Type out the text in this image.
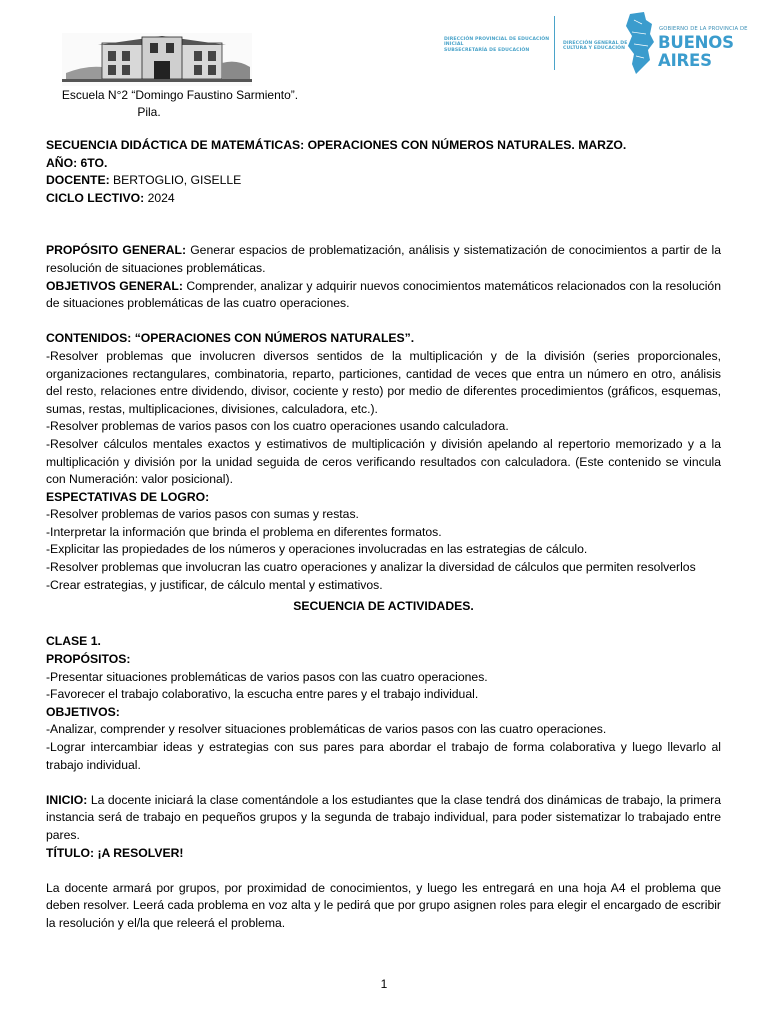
Escuela N°2 “Domingo Faustino Sarmiento”.
Pila.
DIRECCIÓN PROVINCIAL DE EDUCACIÓN INICIAL
SUBSECRETARÍA DE EDUCACIÓN
DIRECCIÓN GENERAL DE CULTURA Y EDUCACIÓN
GOBIERNO DE LA PROVINCIA DE
BUENOS AIRES

SECUENCIA DIDÁCTICA DE MATEMÁTICAS: OPERACIONES CON NÚMEROS NATURALES. MARZO.

AÑO: 6TO.

DOCENTE: BERTOGLIO, GISELLE

CICLO LECTIVO: 2024

PROPÓSITO GENERAL: Generar espacios de problematización, análisis y sistematización de conocimientos a partir de la resolución de situaciones problemáticas.

OBJETIVOS GENERAL: Comprender, analizar y adquirir nuevos conocimientos matemáticos relacionados con la resolución de situaciones problemáticas de las cuatro operaciones.

CONTENIDOS: “OPERACIONES CON NÚMEROS NATURALES”.

-Resolver problemas que involucren diversos sentidos de la multiplicación y de la división (series proporcionales, organizaciones rectangulares, combinatoria, reparto, particiones, cantidad de veces que entra un número en otro, análisis del resto, relaciones entre dividendo, divisor, cociente y resto) por medio de diferentes procedimientos (gráficos, esquemas, sumas, restas, multiplicaciones, divisiones, calculadora, etc.).

-Resolver problemas de varios pasos con los cuatro operaciones usando calculadora.

-Resolver cálculos mentales exactos y estimativos de multiplicación y división apelando al repertorio memorizado y a la multiplicación y división por la unidad seguida de ceros verificando resultados con calculadora. (Este contenido se vincula con Numeración: valor posicional).

ESPECTATIVAS DE LOGRO:

-Resolver problemas de varios pasos con sumas y restas.

-Interpretar la información que brinda el problema en diferentes formatos.

-Explicitar las propiedades de los números y operaciones involucradas en las estrategias de cálculo.

-Resolver problemas que involucran las cuatro operaciones y analizar la diversidad de cálculos que permiten resolverlos

-Crear estrategias, y justificar, de cálculo mental y estimativos.

SECUENCIA DE ACTIVIDADES.

CLASE 1.

PROPÓSITOS:

-Presentar situaciones problemáticas de varios pasos con las cuatro operaciones.

-Favorecer el trabajo colaborativo, la escucha entre pares y el trabajo individual.

OBJETIVOS:

-Analizar, comprender y resolver situaciones problemáticas de varios pasos con las cuatro operaciones.

-Lograr intercambiar ideas y estrategias con sus pares para abordar el trabajo de forma colaborativa y luego llevarlo al trabajo individual.

INICIO: La docente iniciará la clase comentándole a los estudiantes que la clase tendrá dos dinámicas de trabajo, la primera instancia será de trabajo en pequeños grupos y la segunda de trabajo individual, para poder sistematizar lo trabajado entre pares.

TÍTULO: ¡A RESOLVER!

La docente armará por grupos, por proximidad de conocimientos, y luego les entregará en una hoja A4 el problema que deben resolver. Leerá cada problema en voz alta y le pedirá que por grupo asignen roles para elegir el encargado de escribir la resolución y el/la que releerá el problema.

1
